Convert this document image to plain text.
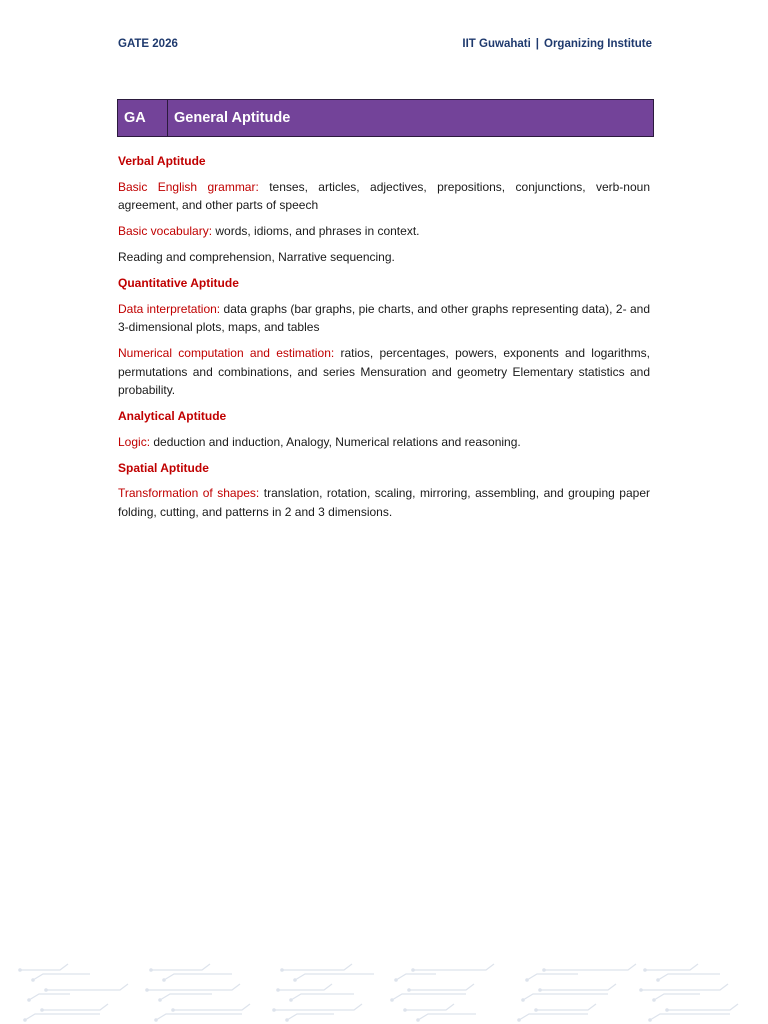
GATE 2026	IIT Guwahati | Organizing Institute
GA	General Aptitude
Verbal Aptitude

Basic English grammar: tenses, articles, adjectives, prepositions, conjunctions, verb-noun agreement, and other parts of speech

Basic vocabulary: words, idioms, and phrases in context.

Reading and comprehension, Narrative sequencing.

Quantitative Aptitude

Data interpretation: data graphs (bar graphs, pie charts, and other graphs representing data), 2- and 3-dimensional plots, maps, and tables

Numerical computation and estimation: ratios, percentages, powers, exponents and logarithms, permutations and combinations, and series Mensuration and geometry Elementary statistics and probability.

Analytical Aptitude

Logic: deduction and induction, Analogy, Numerical relations and reasoning.

Spatial Aptitude

Transformation of shapes: translation, rotation, scaling, mirroring, assembling, and grouping paper folding, cutting, and patterns in 2 and 3 dimensions.
